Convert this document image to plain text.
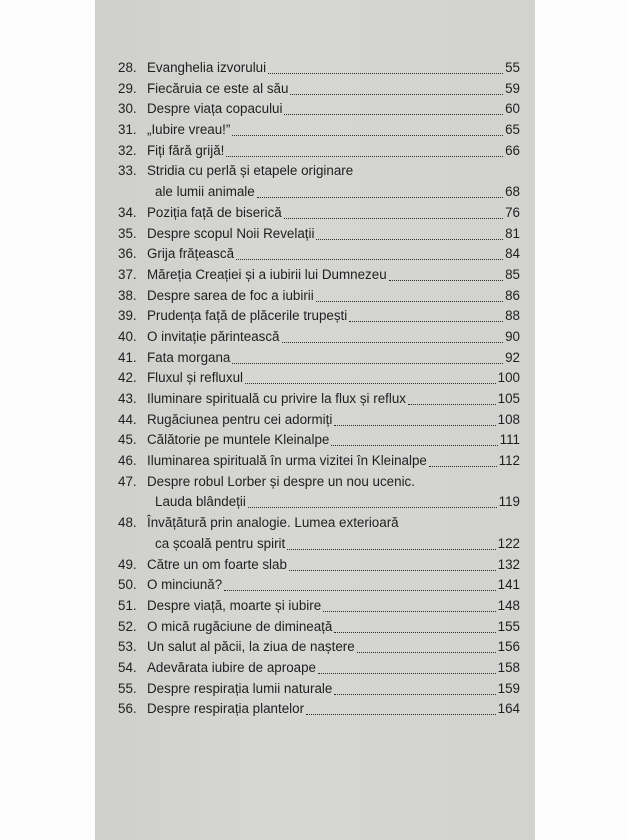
28. Evanghelia izvorului	55
29. Fiecăruia ce este al său	59
30. Despre viața copacului	60
31. „Iubire vreau!”	65
32. Fiți fără grijă!	66
33. Stridia cu perlă și etapele originare
ale lumii animale	68
34. Poziția față de biserică	76
35. Despre scopul Noii Revelații	81
36. Grija frățească	84
37. Măreția Creației și a iubirii lui Dumnezeu	85
38. Despre sarea de foc a iubirii	86
39. Prudența față de plăcerile trupești	88
40. O invitație părintească	90
41. Fata morgana	92
42. Fluxul și refluxul	100
43. Iluminare spirituală cu privire la flux și reflux	105
44. Rugăciunea pentru cei adormiți	108
45. Călătorie pe muntele Kleinalpe	111
46. Iluminarea spirituală în urma vizitei în Kleinalpe	112
47. Despre robul Lorber și despre un nou ucenic.
Lauda blândeții	119
48. Învățătură prin analogie. Lumea exterioară
ca școală pentru spirit	122
49. Către un om foarte slab	132
50. O minciună?	141
51. Despre viață, moarte și iubire	148
52. O mică rugăciune de dimineață	155
53. Un salut al păcii, la ziua de naștere	156
54. Adevărata iubire de aproape	158
55. Despre respirația lumii naturale	159
56. Despre respirația plantelor	164
